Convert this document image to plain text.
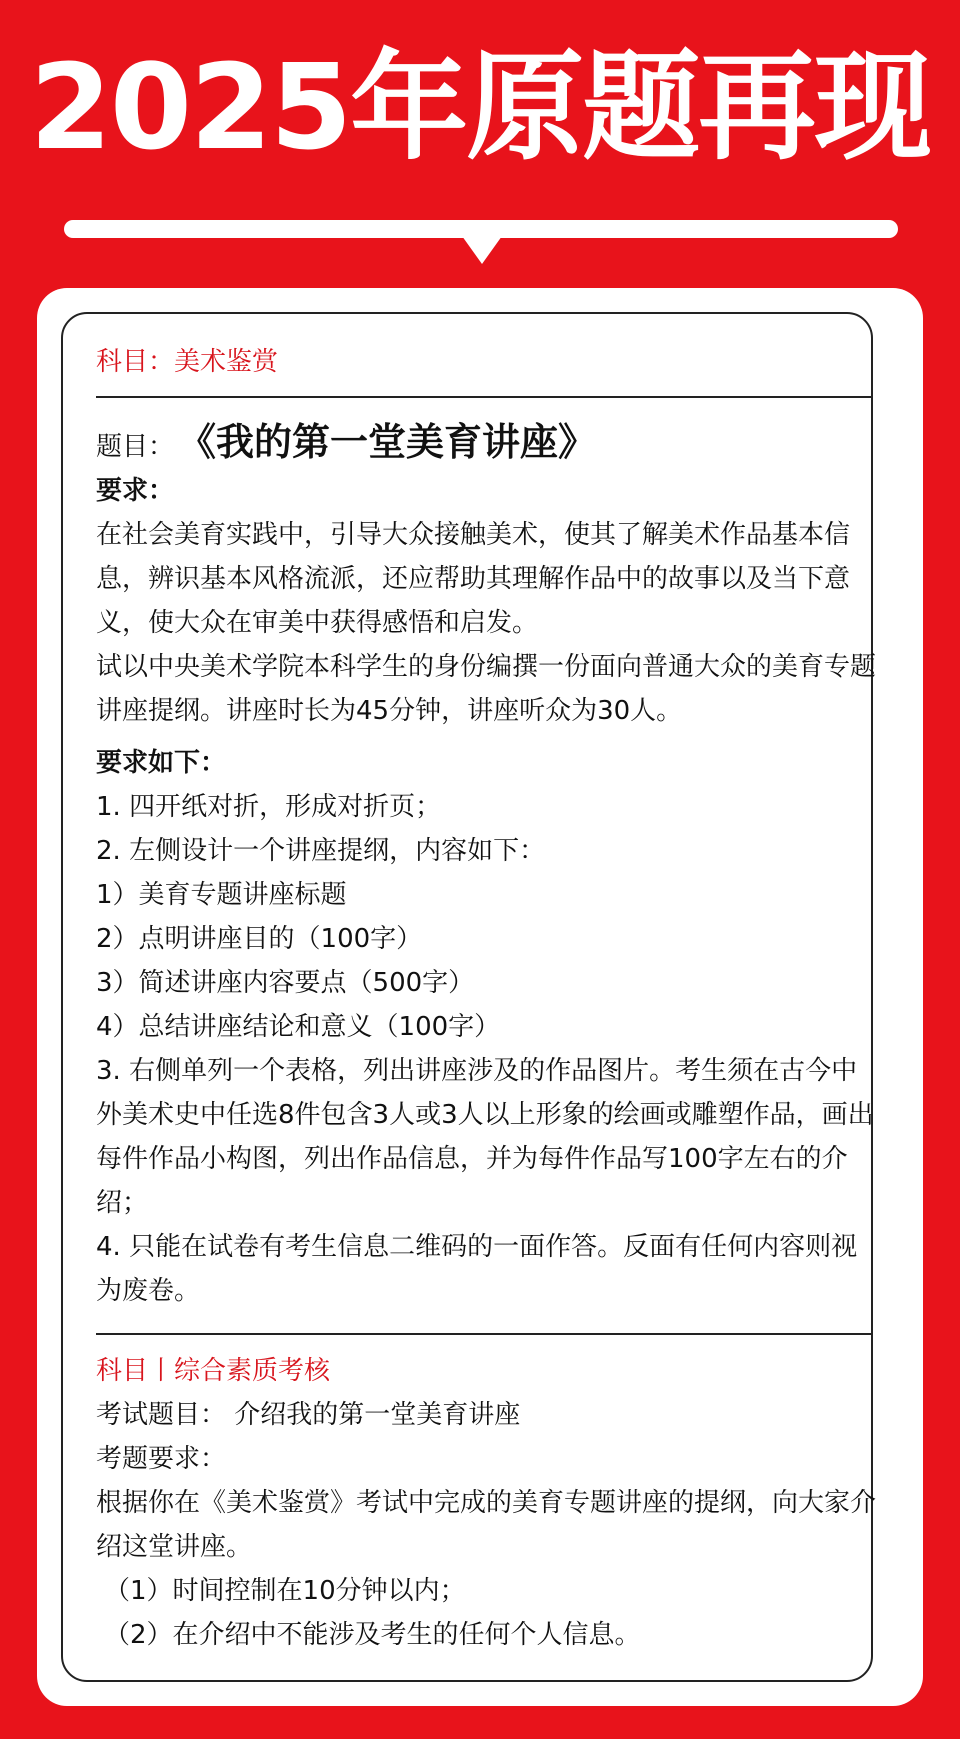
2025年原题再现

科目：美术鉴赏

题目： 《我的第一堂美育讲座》

要求：

在社会美育实践中，引导大众接触美术，使其了解美术作品基本信息，辨识基本风格流派，还应帮助其理解作品中的故事以及当下意义，使大众在审美中获得感悟和启发。

试以中央美术学院本科学生的身份编撰一份面向普通大众的美育专题讲座提纲。讲座时长为45分钟，讲座听众为30人。

要求如下：

1. 四开纸对折，形成对折页；

2. 左侧设计一个讲座提纲，内容如下：

1）美育专题讲座标题

2）点明讲座目的（100字）

3）简述讲座内容要点（500字）

4）总结讲座结论和意义（100字）

3. 右侧单列一个表格，列出讲座涉及的作品图片。考生须在古今中外美术史中任选8件包含3人或3人以上形象的绘画或雕塑作品，画出每件作品小构图，列出作品信息，并为每件作品写100字左右的介绍；

4. 只能在试卷有考生信息二维码的一面作答。反面有任何内容则视为废卷。

科目丨综合素质考核

考试题目： 介绍我的第一堂美育讲座

考题要求：

根据你在《美术鉴赏》考试中完成的美育专题讲座的提纲，向大家介绍这堂讲座。

（1）时间控制在10分钟以内；

（2）在介绍中不能涉及考生的任何个人信息。
